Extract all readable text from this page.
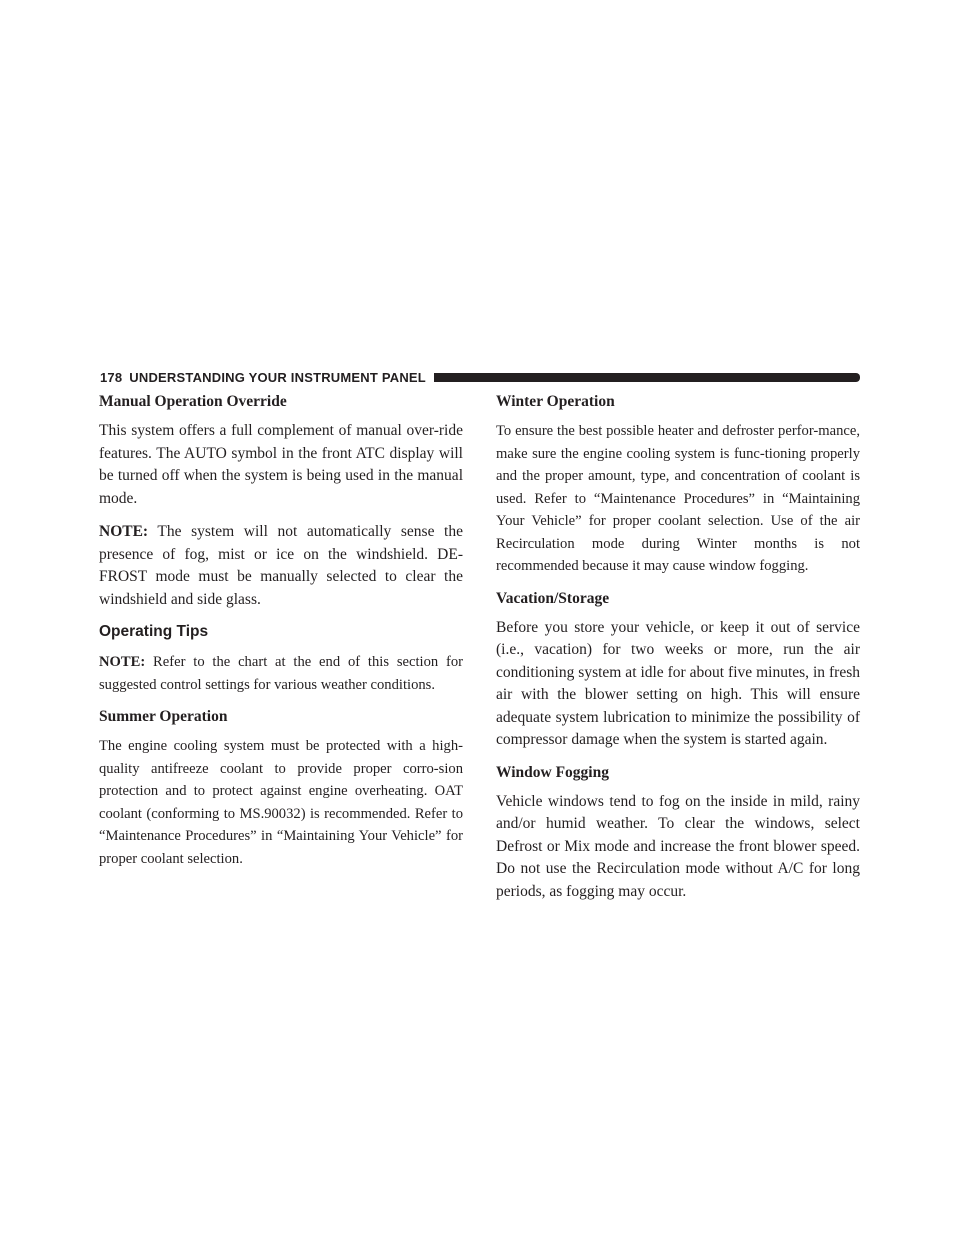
178 UNDERSTANDING YOUR INSTRUMENT PANEL
Manual Operation Override

This system offers a full complement of manual over-ride features. The AUTO symbol in the front ATC display will be turned off when the system is being used in the manual mode.

NOTE: The system will not automatically sense the presence of fog, mist or ice on the windshield. DE-FROST mode must be manually selected to clear the windshield and side glass.

Operating Tips

NOTE: Refer to the chart at the end of this section for suggested control settings for various weather conditions.

Summer Operation

The engine cooling system must be protected with a high-quality antifreeze coolant to provide proper corro-sion protection and to protect against engine overheating. OAT coolant (conforming to MS.90032) is recommended. Refer to “Maintenance Procedures” in “Maintaining Your Vehicle” for proper coolant selection.

Winter Operation

To ensure the best possible heater and defroster perfor-mance, make sure the engine cooling system is func-tioning properly and the proper amount, type, and concentration of coolant is used. Refer to “Maintenance Procedures” in “Maintaining Your Vehicle” for proper coolant selection. Use of the air Recirculation mode during Winter months is not recommended because it may cause window fogging.

Vacation/Storage

Before you store your vehicle, or keep it out of service (i.e., vacation) for two weeks or more, run the air conditioning system at idle for about five minutes, in fresh air with the blower setting on high. This will ensure adequate system lubrication to minimize the possibility of compressor damage when the system is started again.

Window Fogging

Vehicle windows tend to fog on the inside in mild, rainy and/or humid weather. To clear the windows, select Defrost or Mix mode and increase the front blower speed. Do not use the Recirculation mode without A/C for long periods, as fogging may occur.
